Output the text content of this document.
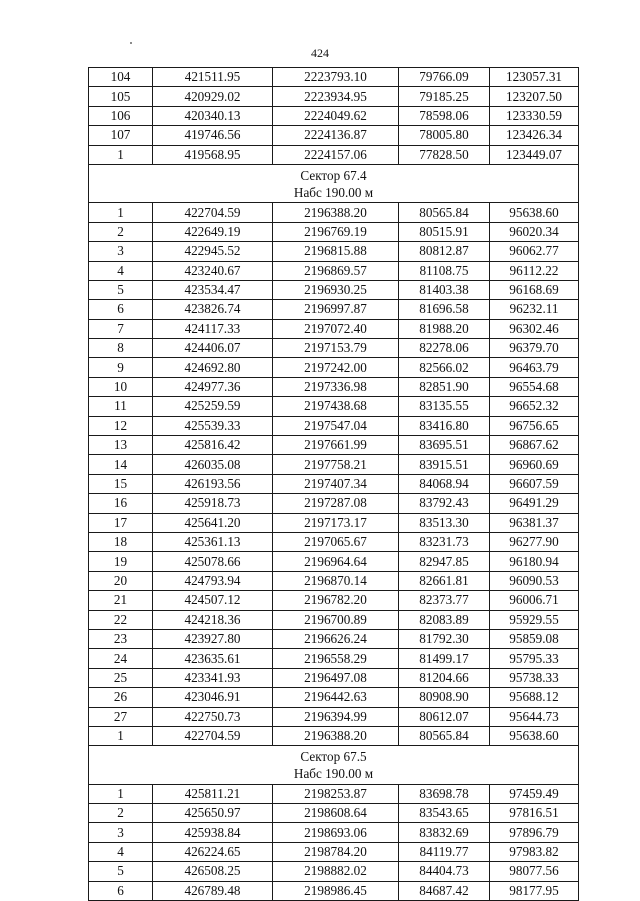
424
104	421511.95	2223793.10	79766.09	123057.31
105	420929.02	2223934.95	79185.25	123207.50
106	420340.13	2224049.62	78598.06	123330.59
107	419746.56	2224136.87	78005.80	123426.34
1	419568.95	2224157.06	77828.50	123449.07

Сектор 67.4
Набс 190.00 м				

1	422704.59	2196388.20	80565.84	95638.60
2	422649.19	2196769.19	80515.91	96020.34
3	422945.52	2196815.88	80812.87	96062.77
4	423240.67	2196869.57	81108.75	96112.22
5	423534.47	2196930.25	81403.38	96168.69
6	423826.74	2196997.87	81696.58	96232.11
7	424117.33	2197072.40	81988.20	96302.46
8	424406.07	2197153.79	82278.06	96379.70
9	424692.80	2197242.00	82566.02	96463.79
10	424977.36	2197336.98	82851.90	96554.68
11	425259.59	2197438.68	83135.55	96652.32
12	425539.33	2197547.04	83416.80	96756.65
13	425816.42	2197661.99	83695.51	96867.62
14	426035.08	2197758.21	83915.51	96960.69
15	426193.56	2197407.34	84068.94	96607.59
16	425918.73	2197287.08	83792.43	96491.29
17	425641.20	2197173.17	83513.30	96381.37
18	425361.13	2197065.67	83231.73	96277.90
19	425078.66	2196964.64	82947.85	96180.94
20	424793.94	2196870.14	82661.81	96090.53
21	424507.12	2196782.20	82373.77	96006.71
22	424218.36	2196700.89	82083.89	95929.55
23	423927.80	2196626.24	81792.30	95859.08
24	423635.61	2196558.29	81499.17	95795.33
25	423341.93	2196497.08	81204.66	95738.33
26	423046.91	2196442.63	80908.90	95688.12
27	422750.73	2196394.99	80612.07	95644.73
1	422704.59	2196388.20	80565.84	95638.60

Сектор 67.5
Набс 190.00 м				

1	425811.21	2198253.87	83698.78	97459.49
2	425650.97	2198608.64	83543.65	97816.51
3	425938.84	2198693.06	83832.69	97896.79
4	426224.65	2198784.20	84119.77	97983.82
5	426508.25	2198882.02	84404.73	98077.56
6	426789.48	2198986.45	84687.42	98177.95
